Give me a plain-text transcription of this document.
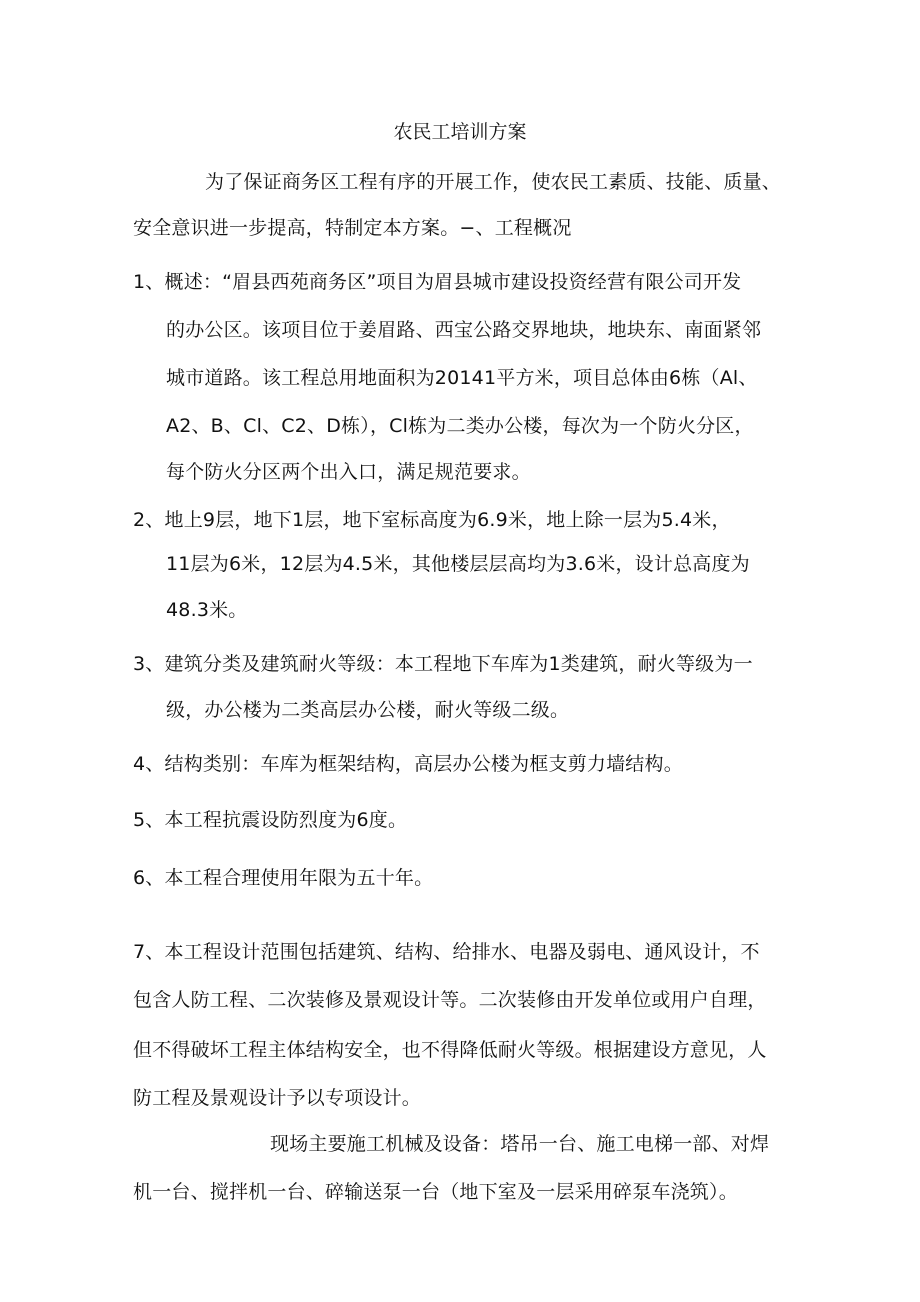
农民工培训方案
为了保证商务区工程有序的开展工作，使农民工素质、技能、质量、
安全意识进一步提高，特制定本方案。−、工程概况
1、概述：“眉县西苑商务区”项目为眉县城市建设投资经营有限公司开发
的办公区。该项目位于姜眉路、西宝公路交界地块，地块东、南面紧邻
城市道路。该工程总用地面积为20141平方米，项目总体由6栋（Al、
A2、B、Cl、C2、D栋），Cl栋为二类办公楼，每次为一个防火分区，
每个防火分区两个出入口，满足规范要求。
2、地上9层，地下1层，地下室标高度为6.9米，地上除一层为5.4米，
11层为6米，12层为4.5米，其他楼层层高均为3.6米，设计总高度为
48.3米。
3、建筑分类及建筑耐火等级：本工程地下车库为1类建筑，耐火等级为一
级，办公楼为二类高层办公楼，耐火等级二级。
4、结构类别：车库为框架结构，高层办公楼为框支剪力墙结构。
5、本工程抗震设防烈度为6度。
6、本工程合理使用年限为五十年。
7、本工程设计范围包括建筑、结构、给排水、电器及弱电、通风设计，不
包含人防工程、二次装修及景观设计等。二次装修由开发单位或用户自理，
但不得破坏工程主体结构安全，也不得降低耐火等级。根据建设方意见，人
防工程及景观设计予以专项设计。
现场主要施工机械及设备：塔吊一台、施工电梯一部、对焊
机一台、搅拌机一台、碎输送泵一台（地下室及一层采用碎泵车浇筑）。
